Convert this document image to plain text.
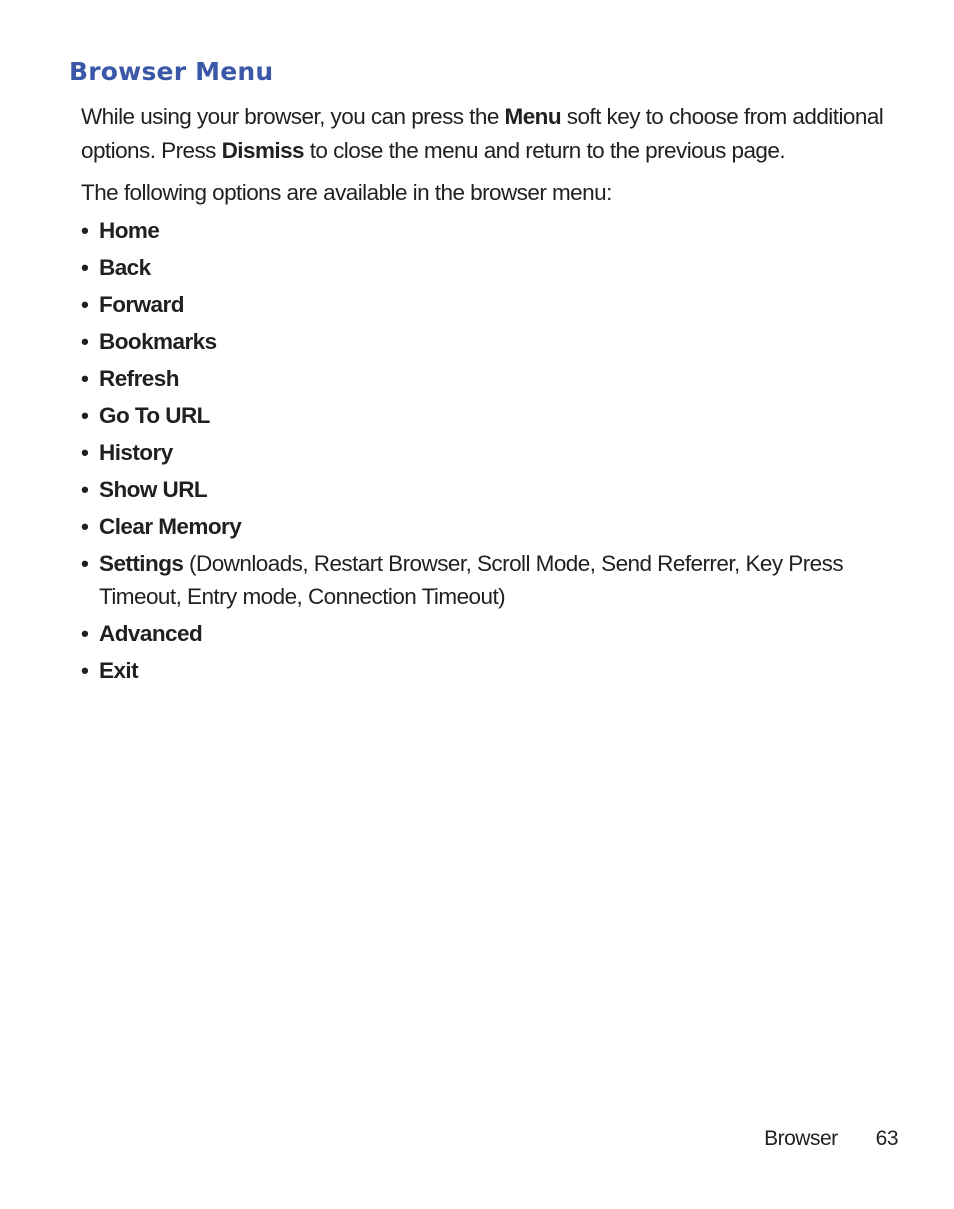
Browser Menu

While using your browser, you can press the Menu soft key to choose from additional options. Press Dismiss to close the menu and return to the previous page.

The following options are available in the browser menu:

• Home
• Back
• Forward
• Bookmarks
• Refresh
• Go To URL
• History
• Show URL
• Clear Memory
• Settings (Downloads, Restart Browser, Scroll Mode, Send Referrer, Key Press Timeout, Entry mode, Connection Timeout)
• Advanced
• Exit
Browser 63
